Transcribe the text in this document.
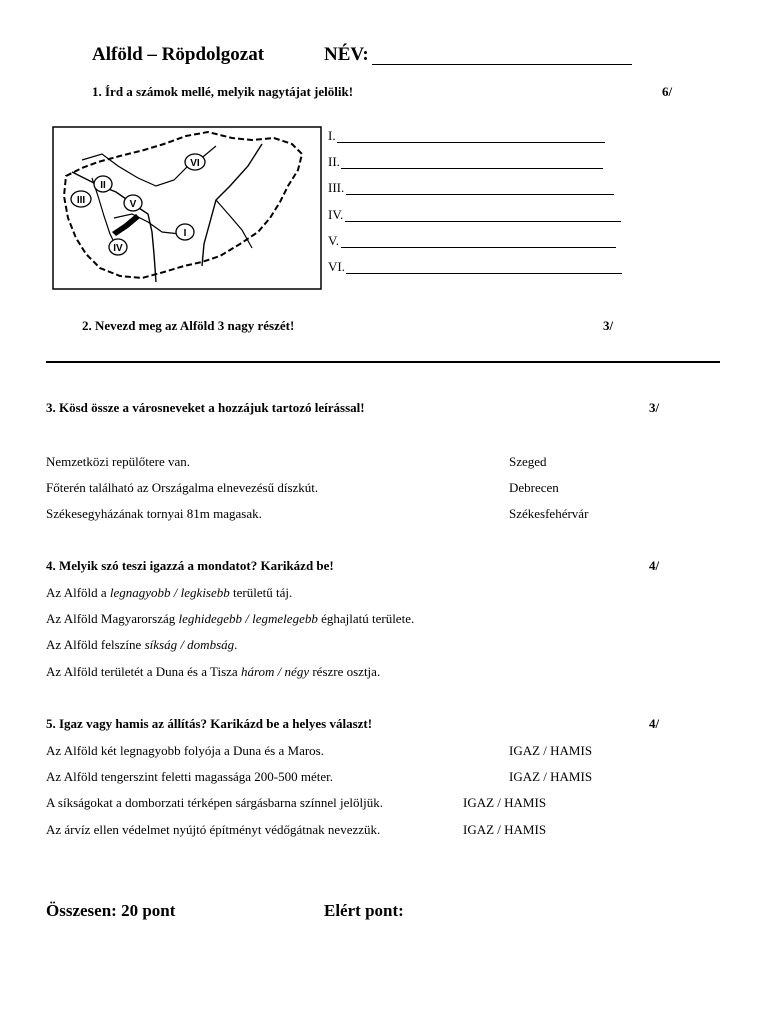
Alföld – Röpdolgozat	NÉV:
1. Írd a számok mellé, melyik nagytájat jelölik!	6/
VI
II
III	V
I
IV
I.
II.
III.
IV.
V.
VI.
2. Nevezd meg az Alföld 3 nagy részét!	3/
3. Kösd össze a városneveket a hozzájuk tartozó leírással!	3/
Nemzetközi repülőtere van.	Szeged
Főterén található az Országalma elnevezésű díszkút.	Debrecen
Székesegyházának tornyai 81m magasak.	Székesfehérvár
4. Melyik szó teszi igazzá a mondatot? Karikázd be!	4/
Az Alföld a legnagyobb / legkisebb területű táj.
Az Alföld Magyarország leghidegebb / legmelegebb éghajlatú területe.
Az Alföld felszíne síkság / dombság.
Az Alföld területét a Duna és a Tisza három / négy részre osztja.
5. Igaz vagy hamis az állítás? Karikázd be a helyes választ!	4/
Az Alföld két legnagyobb folyója a Duna és a Maros.	IGAZ / HAMIS
Az Alföld tengerszint feletti magassága 200-500 méter.	IGAZ / HAMIS
A síkságokat a domborzati térképen sárgásbarna színnel jelöljük.	IGAZ / HAMIS
Az árvíz ellen védelmet nyújtó építményt védőgátnak nevezzük.	IGAZ / HAMIS
Összesen: 20 pont	Elért pont:
